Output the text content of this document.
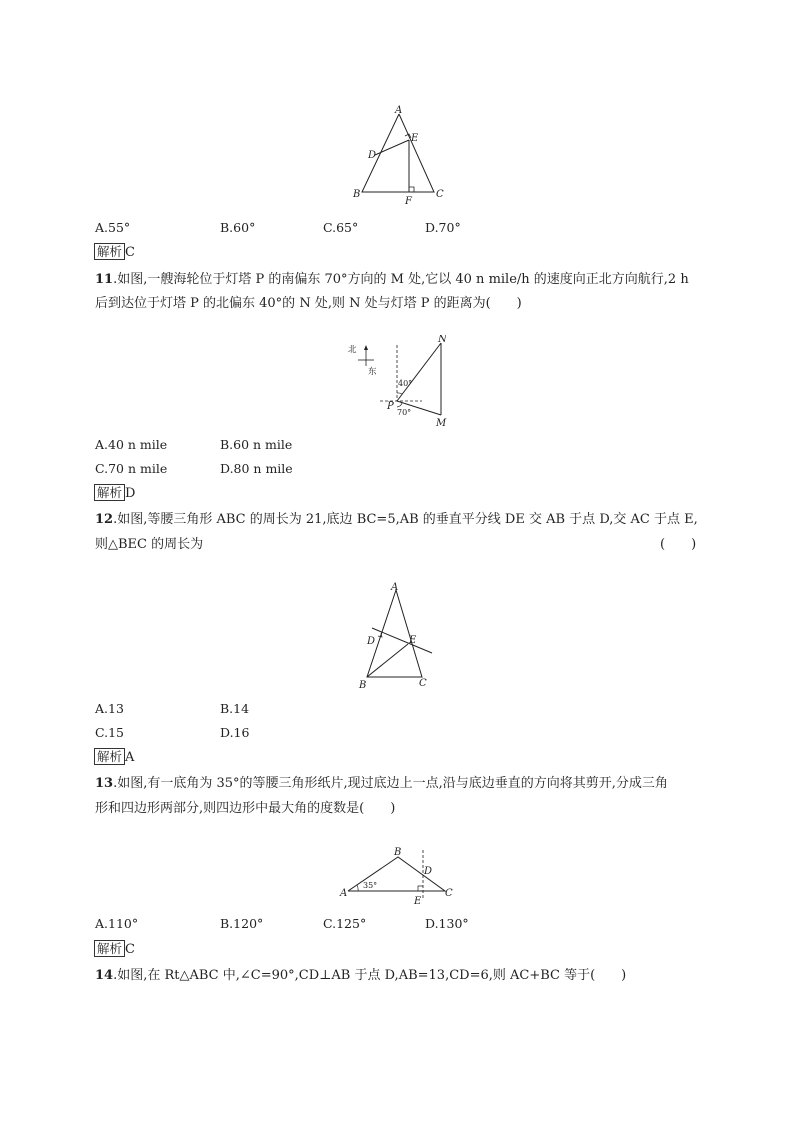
A
E
D
B
F
C
A.55°	B.60°	C.65°	D.70°
解析 C
11.如图,一艘海轮位于灯塔 P 的南偏东 70°方向的 M 处,它以 40 n mile/h 的速度向正北方向航行,2 h
后到达位于灯塔 P 的北偏东 40°的 N 处,则 N 处与灯塔 P 的距离为(　　)
北
东
40°
70°
N
P
M
A.40 n mile	B.60 n mile
C.70 n mile	D.80 n mile
解析 D
12.如图,等腰三角形 ABC 的周长为 21,底边 BC=5,AB 的垂直平分线 DE 交 AB 于点 D,交 AC 于点 E,
则△BEC 的周长为	(　　)
A
D	E
B	C
A.13	B.14
C.15	D.16
解析 A
13.如图,有一底角为 35°的等腰三角形纸片,现过底边上一点,沿与底边垂直的方向将其剪开,分成三角
形和四边形两部分,则四边形中最大角的度数是(　　)
35°
B
D
A	C
E
A.110°	B.120°	C.125°	D.130°
解析 C
14.如图,在 Rt△ABC 中,∠C=90°,CD⊥AB 于点 D,AB=13,CD=6,则 AC+BC 等于(　　)
